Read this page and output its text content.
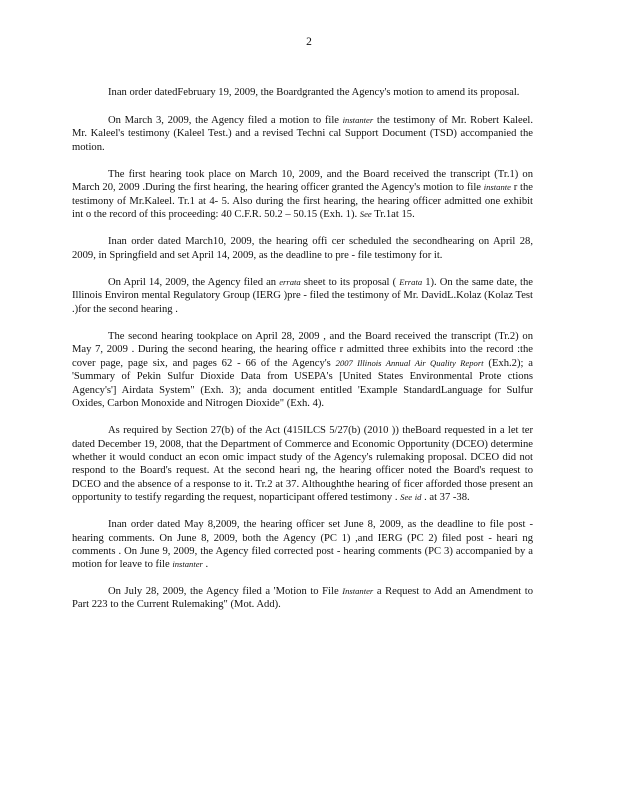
2

Inan order datedFebruary 19, 2009, the Boardgranted the Agency's motion to amend its proposal.

On March 3, 2009, the Agency filed a motion to file instanter the testimony of Mr. Robert Kaleel. Mr. Kaleel's testimony (Kaleel Test.) and a revised Techni cal Support Document (TSD) accompanied the motion.

The first hearing took place on March 10, 2009, and the Board received the transcript (Tr.1) on March 20, 2009 .During the first hearing, the hearing officer granted the Agency's motion to file instante r the testimony of Mr.Kaleel. Tr.1 at 4- 5. Also during the first hearing, the hearing officer admitted one exhibit int o the record of this proceeding: 40 C.F.R. 50.2 – 50.15 (Exh. 1). See Tr.1at 15.

Inan order dated March10, 2009, the hearing offi cer scheduled the secondhearing on April 28, 2009, in Springfield and set April 14, 2009, as the deadline to pre - file testimony for it.

On April 14, 2009, the Agency filed an errata sheet to its proposal ( Errata 1). On the same date, the Illinois Environ mental Regulatory Group (IERG )pre - filed the testimony of Mr. DavidL.Kolaz (Kolaz Test .)for the second hearing .

The second hearing tookplace on April 28, 2009 , and the Board received the transcript (Tr.2) on May 7, 2009 . During the second hearing, the hearing office r admitted three exhibits into the record :the cover page, page six, and pages 62 - 66 of the Agency's 2007 Illinois Annual Air Quality Report (Exh.2); a 'Summary of Pekin Sulfur Dioxide Data from USEPA's [United States Environmental Prote ctions Agency's'] Airdata System" (Exh. 3); anda document entitled 'Example StandardLanguage for Sulfur Oxides, Carbon Monoxide and Nitrogen Dioxide" (Exh. 4).

As required by Section 27(b) of the Act (415ILCS 5/27(b) (2010 )) theBoard requested in a let ter dated December 19, 2008, that the Department of Commerce and Economic Opportunity (DCEO) determine whether it would conduct an econ omic impact study of the Agency's rulemaking proposal. DCEO did not respond to the Board's request. At the second heari ng, the hearing officer noted the Board's request to DCEO and the absence of a response to it. Tr.2 at 37. Althoughthe hearing of ficer afforded those present an opportunity to testify regarding the request, noparticipant offered testimony . See id . at 37 -38.

Inan order dated May 8,2009, the hearing officer set June 8, 2009, as the deadline to file post - hearing comments. On June 8, 2009, both the Agency (PC 1) ,and IERG (PC 2) filed post - heari ng comments . On June 9, 2009, the Agency filed corrected post - hearing comments (PC 3) accompanied by a motion for leave to file instanter .

On July 28, 2009, the Agency filed a 'Motion to File Instanter a Request to Add an Amendment to Part 223 to the Current Rulemaking" (Mot. Add).
